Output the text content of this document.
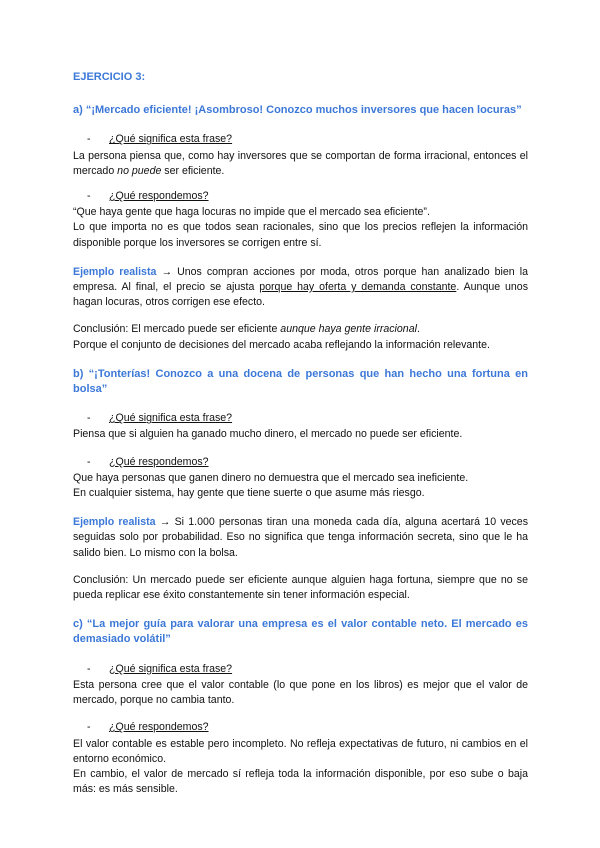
EJERCICIO 3:
a) “¡Mercado eficiente! ¡Asombroso! Conozco muchos inversores que hacen locuras”
- ¿Qué significa esta frase?

La persona piensa que, como hay inversores que se comportan de forma irracional, entonces el mercado no puede ser eficiente.

- ¿Qué respondemos?

“Que haya gente que haga locuras no impide que el mercado sea eficiente”.

Lo que importa no es que todos sean racionales, sino que los precios reflejen la información disponible porque los inversores se corrigen entre sí.

Ejemplo realista → Unos compran acciones por moda, otros porque han analizado bien la empresa. Al final, el precio se ajusta porque hay oferta y demanda constante. Aunque unos hagan locuras, otros corrigen ese efecto.

Conclusión: El mercado puede ser eficiente aunque haya gente irracional.

Porque el conjunto de decisiones del mercado acaba reflejando la información relevante.

b) “¡Tonterías! Conozco a una docena de personas que han hecho una fortuna en bolsa”
- ¿Qué significa esta frase?

Piensa que si alguien ha ganado mucho dinero, el mercado no puede ser eficiente.

- ¿Qué respondemos?

Que haya personas que ganen dinero no demuestra que el mercado sea ineficiente.

En cualquier sistema, hay gente que tiene suerte o que asume más riesgo.

Ejemplo realista → Si 1.000 personas tiran una moneda cada día, alguna acertará 10 veces seguidas solo por probabilidad. Eso no significa que tenga información secreta, sino que le ha salido bien. Lo mismo con la bolsa.

Conclusión: Un mercado puede ser eficiente aunque alguien haga fortuna, siempre que no se pueda replicar ese éxito constantemente sin tener información especial.

c) “La mejor guía para valorar una empresa es el valor contable neto. El mercado es demasiado volátil”
- ¿Qué significa esta frase?

Esta persona cree que el valor contable (lo que pone en los libros) es mejor que el valor de mercado, porque no cambia tanto.

- ¿Qué respondemos?

El valor contable es estable pero incompleto. No refleja expectativas de futuro, ni cambios en el entorno económico.

En cambio, el valor de mercado sí refleja toda la información disponible, por eso sube o baja más: es más sensible.
